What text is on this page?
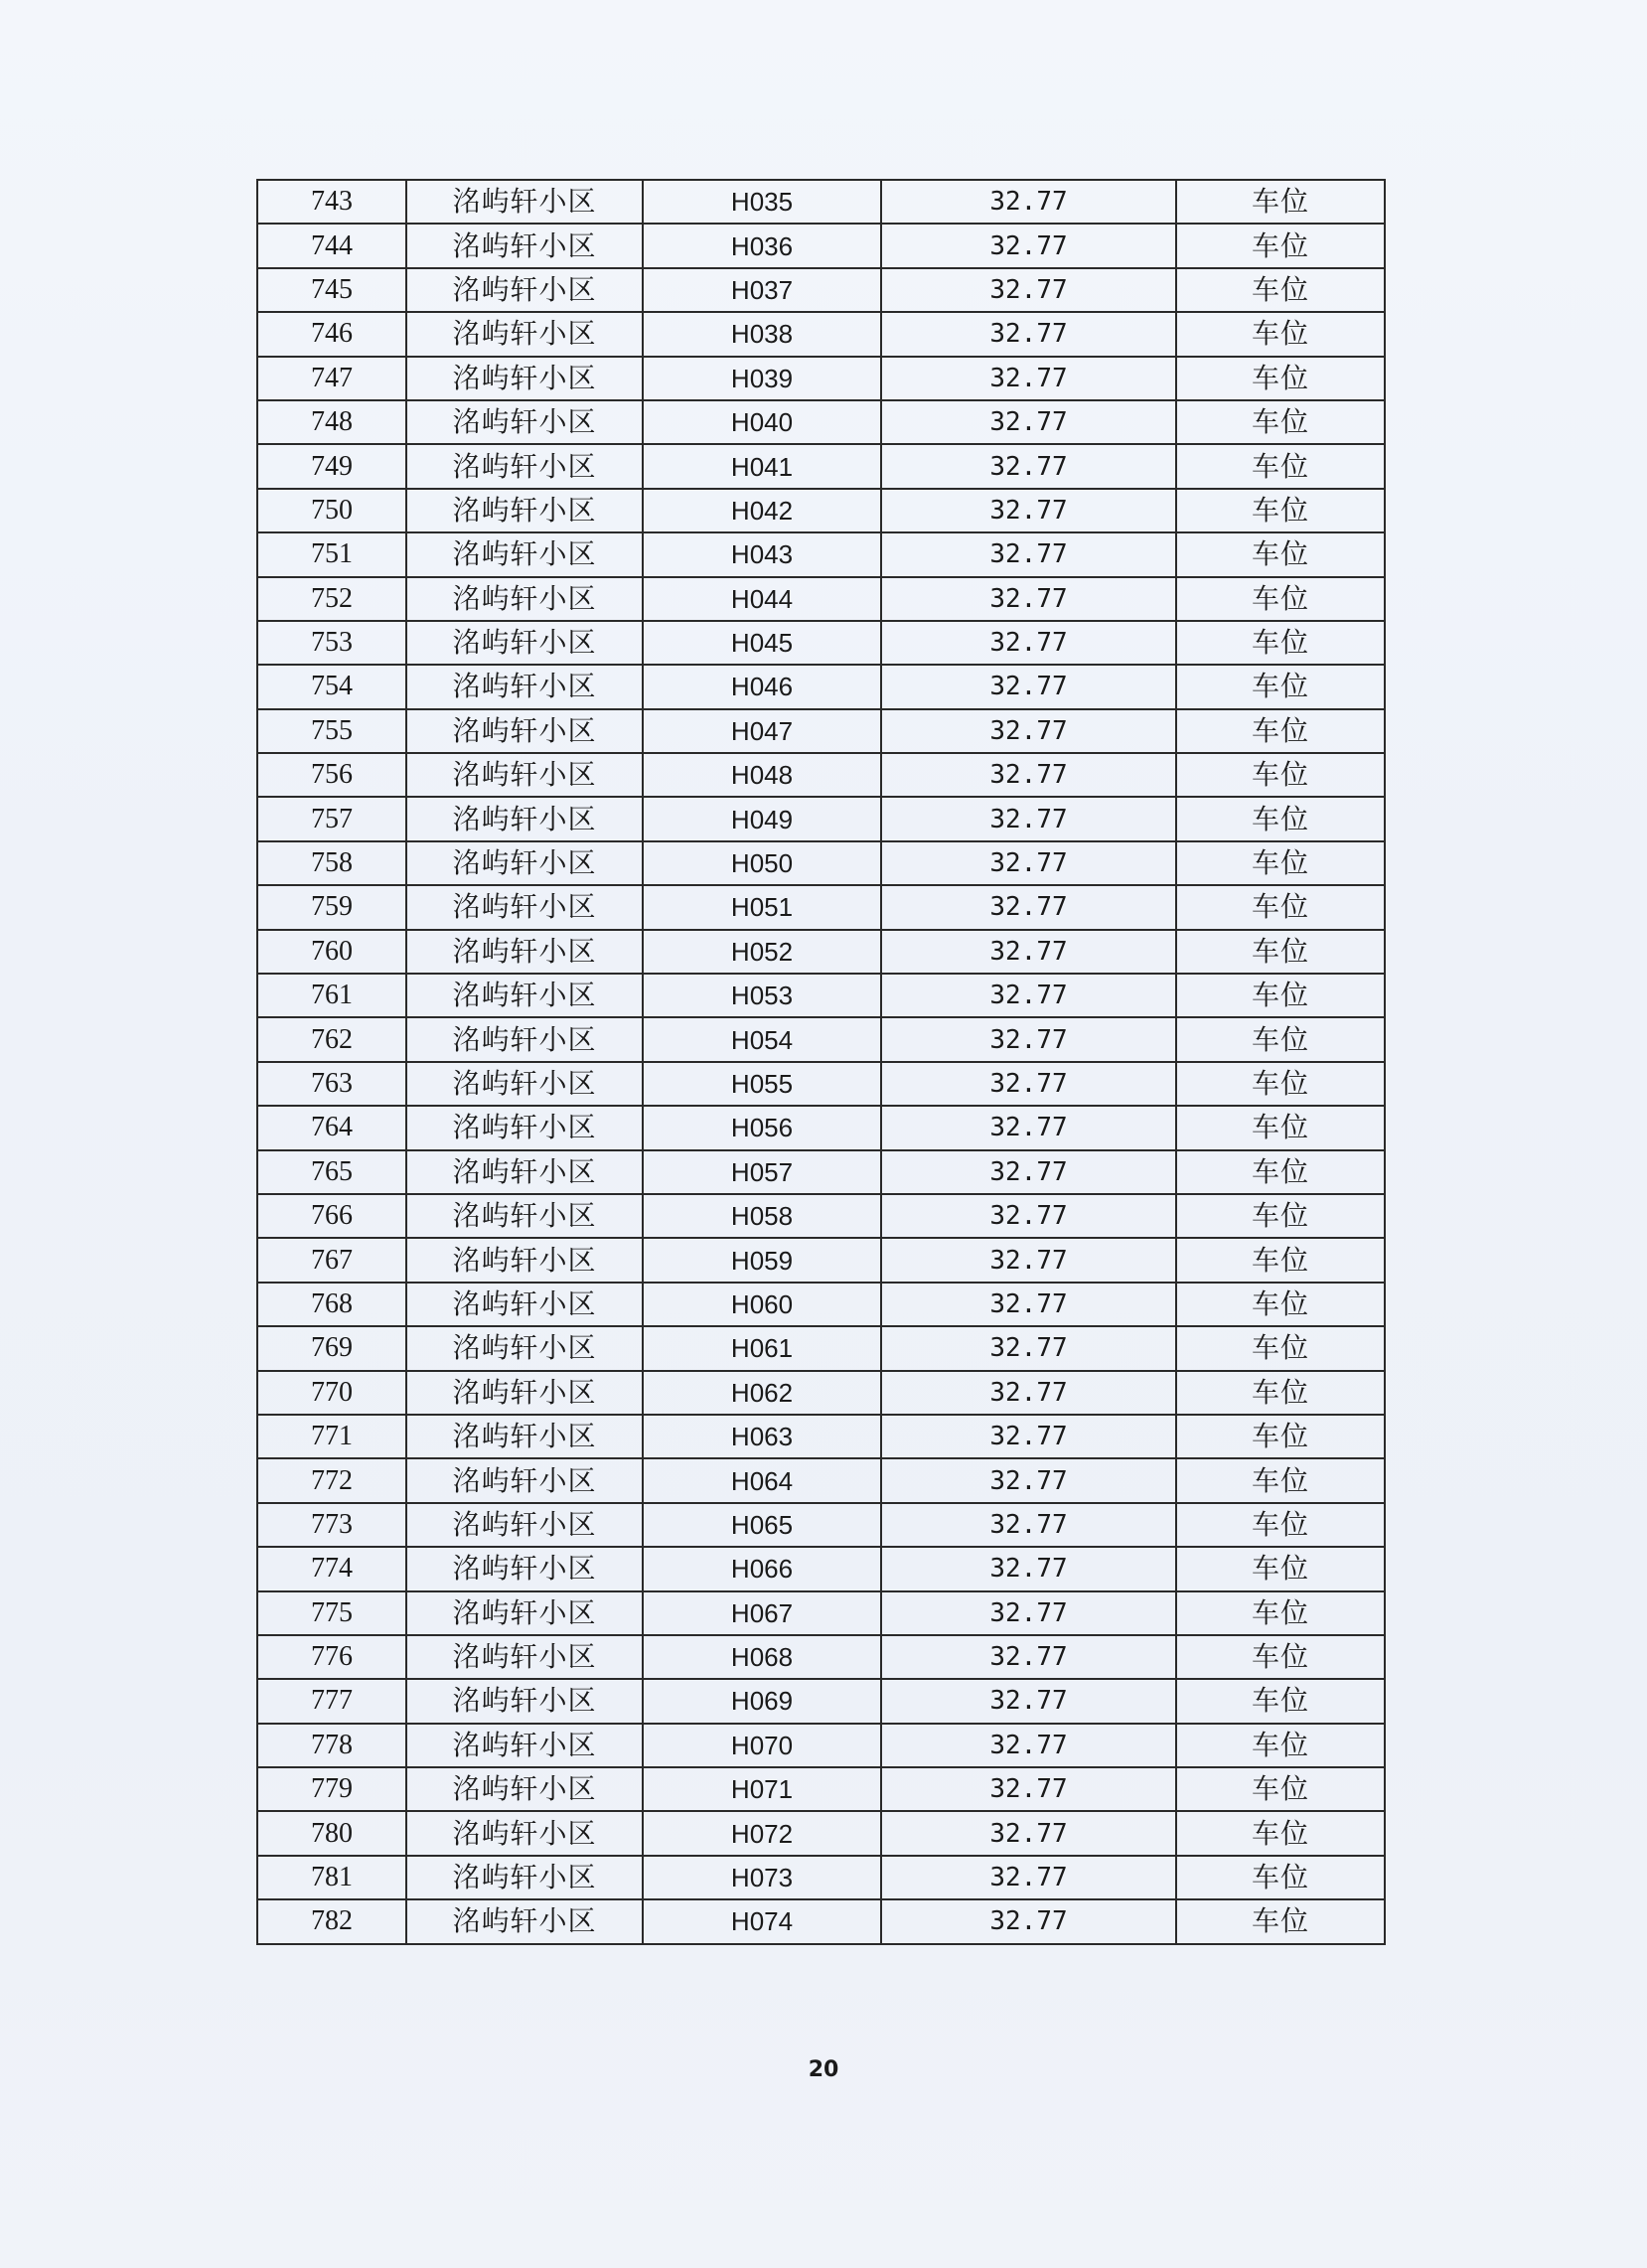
743	洺屿轩小区	H035	32.77	车位
744	洺屿轩小区	H036	32.77	车位
745	洺屿轩小区	H037	32.77	车位
746	洺屿轩小区	H038	32.77	车位
747	洺屿轩小区	H039	32.77	车位
748	洺屿轩小区	H040	32.77	车位
749	洺屿轩小区	H041	32.77	车位
750	洺屿轩小区	H042	32.77	车位
751	洺屿轩小区	H043	32.77	车位
752	洺屿轩小区	H044	32.77	车位
753	洺屿轩小区	H045	32.77	车位
754	洺屿轩小区	H046	32.77	车位
755	洺屿轩小区	H047	32.77	车位
756	洺屿轩小区	H048	32.77	车位
757	洺屿轩小区	H049	32.77	车位
758	洺屿轩小区	H050	32.77	车位
759	洺屿轩小区	H051	32.77	车位
760	洺屿轩小区	H052	32.77	车位
761	洺屿轩小区	H053	32.77	车位
762	洺屿轩小区	H054	32.77	车位
763	洺屿轩小区	H055	32.77	车位
764	洺屿轩小区	H056	32.77	车位
765	洺屿轩小区	H057	32.77	车位
766	洺屿轩小区	H058	32.77	车位
767	洺屿轩小区	H059	32.77	车位
768	洺屿轩小区	H060	32.77	车位
769	洺屿轩小区	H061	32.77	车位
770	洺屿轩小区	H062	32.77	车位
771	洺屿轩小区	H063	32.77	车位
772	洺屿轩小区	H064	32.77	车位
773	洺屿轩小区	H065	32.77	车位
774	洺屿轩小区	H066	32.77	车位
775	洺屿轩小区	H067	32.77	车位
776	洺屿轩小区	H068	32.77	车位
777	洺屿轩小区	H069	32.77	车位
778	洺屿轩小区	H070	32.77	车位
779	洺屿轩小区	H071	32.77	车位
780	洺屿轩小区	H072	32.77	车位
781	洺屿轩小区	H073	32.77	车位
782	洺屿轩小区	H074	32.77	车位
20
